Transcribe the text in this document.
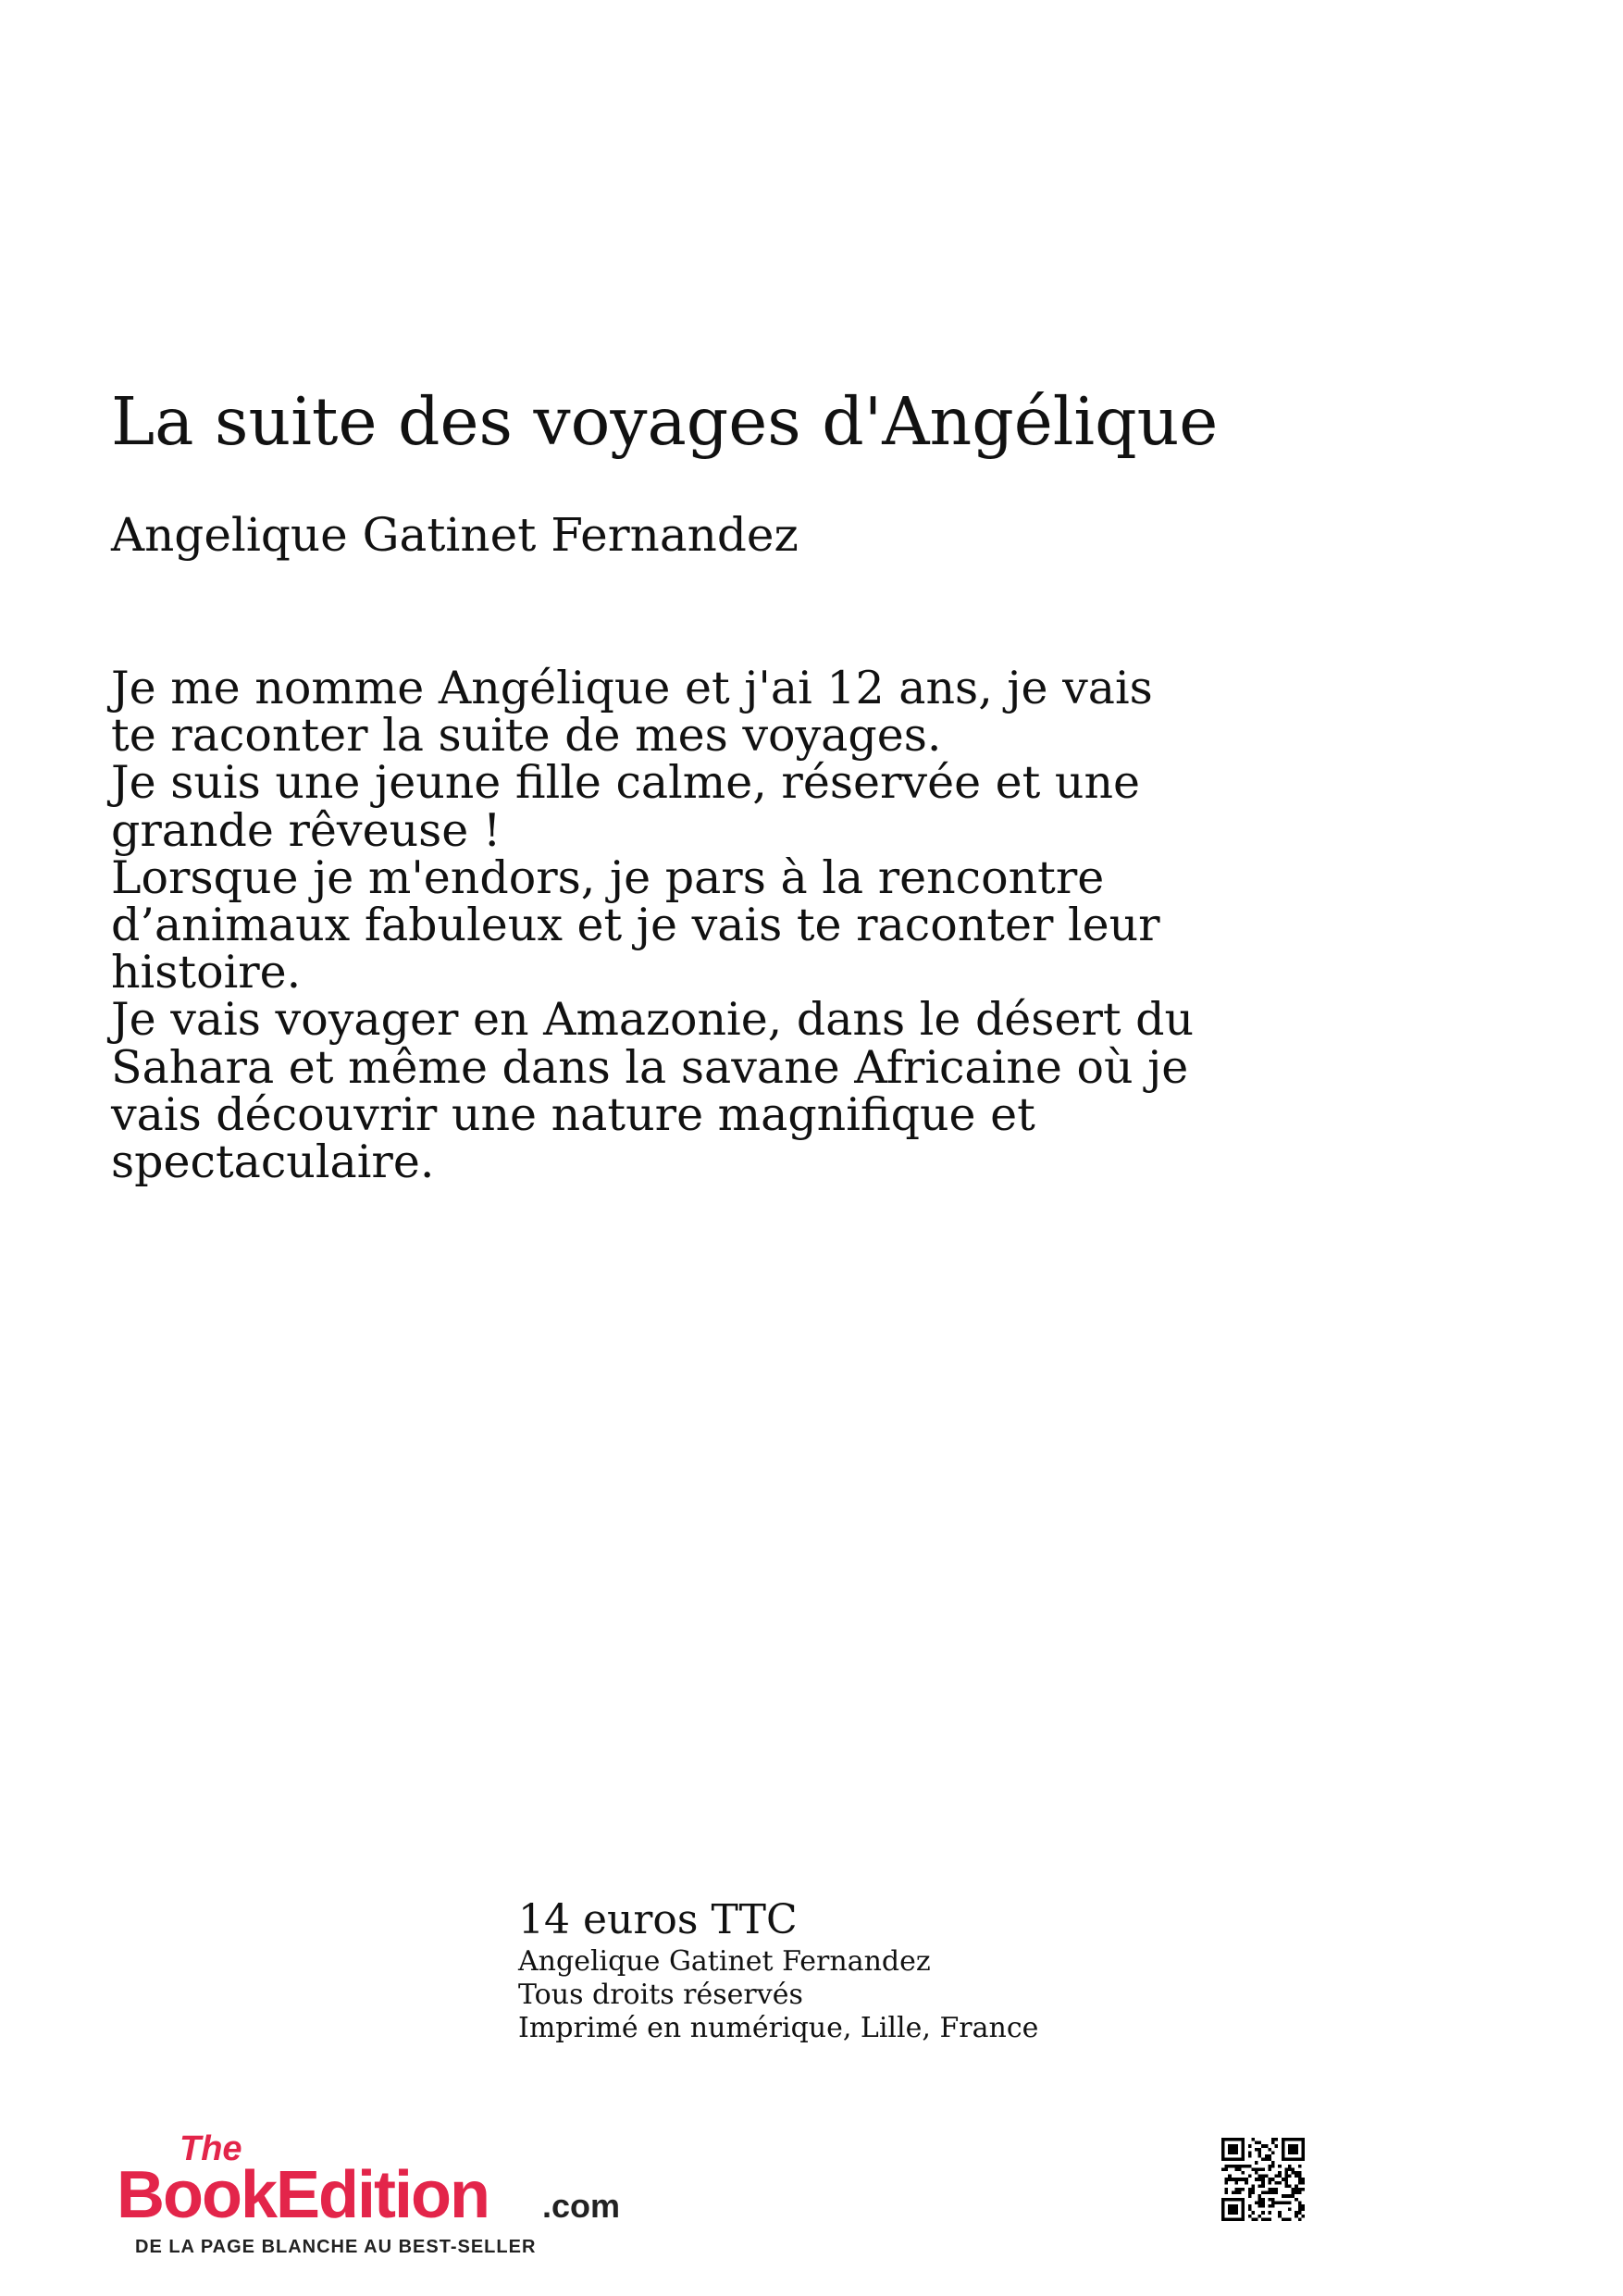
La suite des voyages d'Angélique
Angelique Gatinet Fernandez
Je me nomme Angélique et j'ai 12 ans, je vais
te raconter la suite de mes voyages.
Je suis une jeune fille calme, réservée et une
grande rêveuse !
Lorsque je m'endors, je pars à la rencontre
d’animaux fabuleux et je vais te raconter leur
histoire.
Je vais voyager en Amazonie, dans le désert du
Sahara et même dans la savane Africaine où je
vais découvrir une nature magnifique et
spectaculaire.
14 euros TTC
Angelique Gatinet Fernandez
Tous droits réservés
Imprimé en numérique, Lille, France
The
BookEdition .com
DE LA PAGE BLANCHE AU BEST-SELLER
